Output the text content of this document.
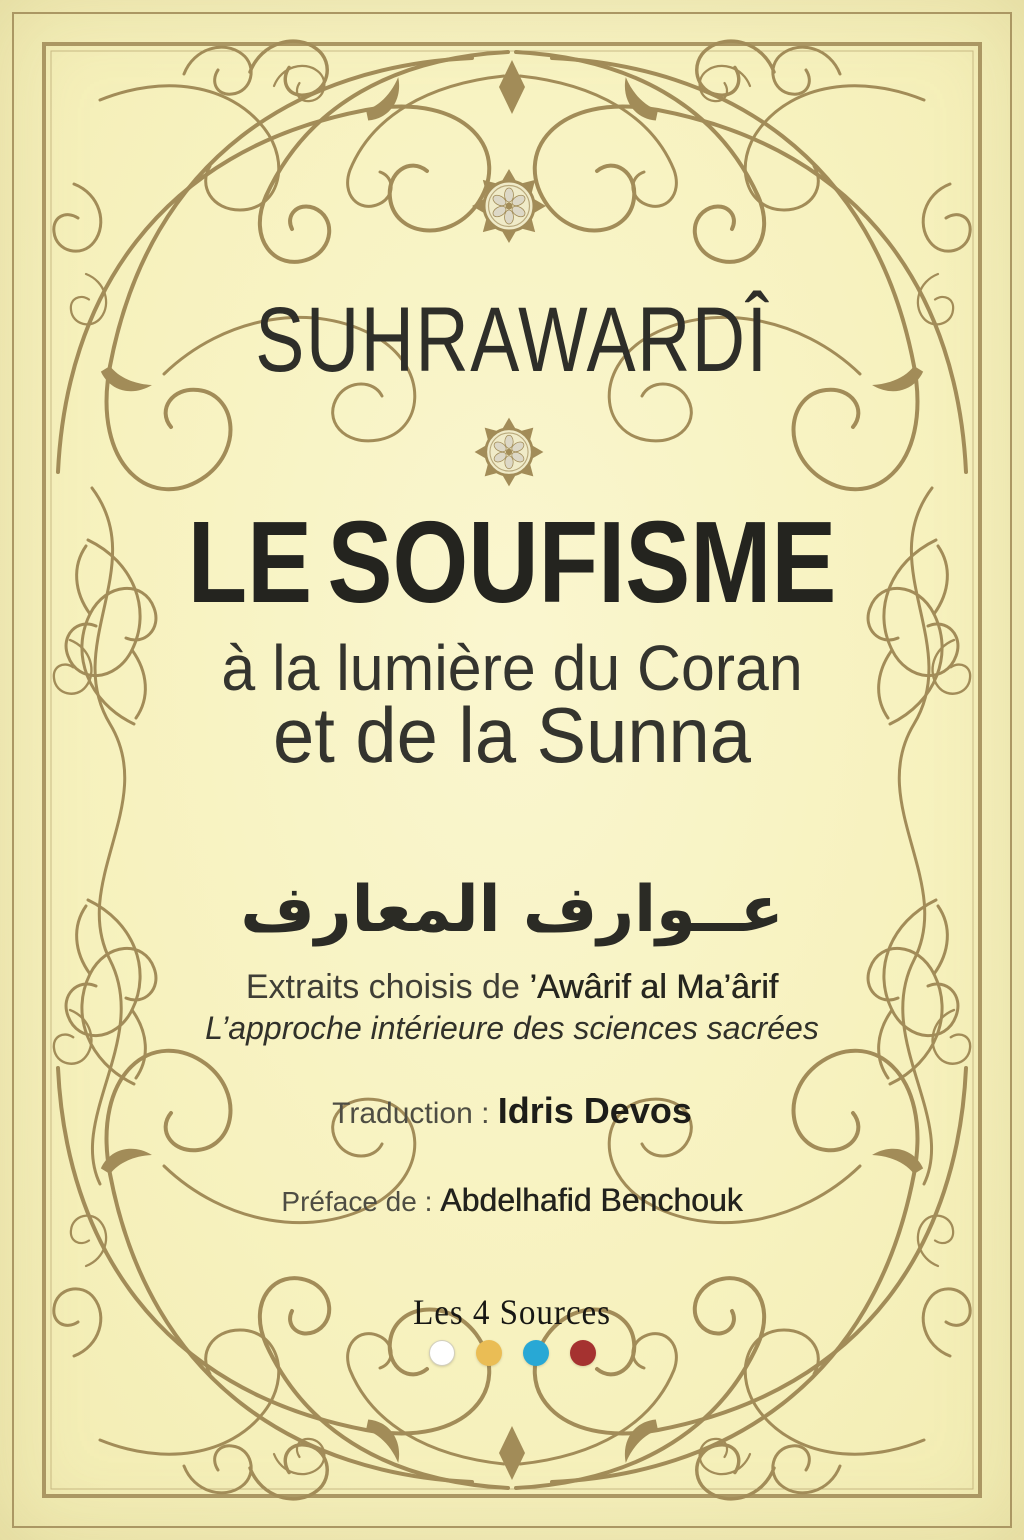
SUHRAWARDÎ
LE SOUFISME
à la lumière du Coran
et de la Sunna
عــوارف المعارف
Extraits choisis de ’Awârif al Ma’ârif
L’approche intérieure des sciences sacrées
Traduction : Idris Devos
Préface de : Abdelhafid Benchouk
Les 4 Sources
